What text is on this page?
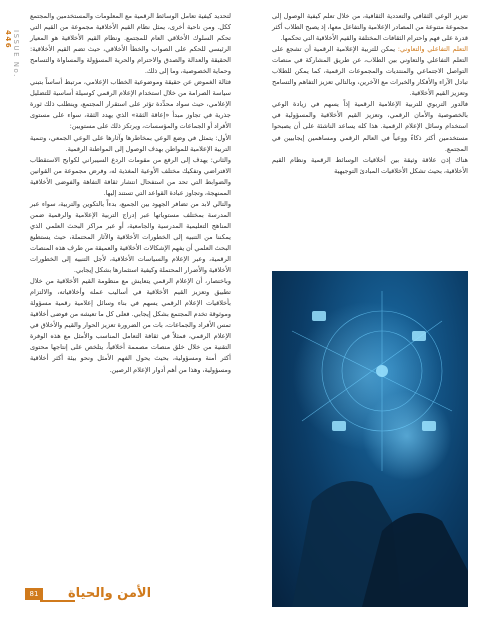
ISSUE No. 446

تعزيز الوعي الثقافي والتعددية الثقافية، من خلال تعلم كيفية الوصول إلى مجموعة متنوعة من المصادر الإعلامية والتفاعل معها، إذ يصبح الطلاب أكثر قدرة على فهم واحترام الثقافات المختلفة والقيم الأخلاقية التي تحكمها.

التعلم التفاعلي والتعاوني: يمكن للتربية الإعلامية الرقمية أن تشجع على التعلم التفاعلي والتعاوني بين الطلاب، عن طريق المشاركة في منصات التواصل الاجتماعي والمنتديات والمجموعات الرقمية، كما يمكن للطلاب تبادل الآراء والأفكار والخبرات مع الآخرين، وبالتالي تعزيز التفاهم والتسامح وتعزيز القيم الأخلاقية.

فالدور التربوي للتربية الإعلامية الرقمية إذاً يسهم في زيادة الوعي بالخصوصية والأمان الرقمي، وتعزيز القيم الأخلاقية والمسؤولية في استخدام وسائل الإعلام الرقمية. هذا كله يساعد الناشئة على أن يصبحوا مستخدمين أكثر ذكاءً ووعياً في العالم الرقمي ومساهمين إيجابيين في المجتمع.

هناك إذن علاقة وثيقة بين أخلاقيات الوسائط الرقمية ونظام القيم الأخلاقية، بحيث تشكل الأخلاقيات المبادئ التوجيهية

لتحديد كيفية تعامل الوسائط الرقمية مع المعلومات والمستخدمين والمجتمع ككل. ومن ناحية أخرى، يمثل نظام القيم الأخلاقية مجموعة من القيم التي تحكم السلوك الأخلاقي العام للمجتمع. ونظام القيم الأخلاقية هو المعيار الرئيسي للحكم على الصواب والخطأ الأخلاقي، حيث تضم القيم الأخلاقية: الحقيقة والعدالة والصدق والاحترام والحرية المسؤولة والمساواة والتسامح وحماية الخصوصية، وما إلى ذلك.

فثالة الغموض عن حقيقة وموضوعية الخطاب الإعلامي، مرتبط أساساً بتبني سياسة الصرامة من خلال استخدام الإعلام الرقمي كوسيلة أساسية للتضليل الإعلامي، حيث سواد محدِّدة تؤثر على استقرار المجتمع، وينطلب ذلك ثورة جذرية في تجاوز مبدأ «إعاقة الثقة» الذي يهدد الثقة، سواء على مستوى الأفراد أو الجماعات والمؤسسات، ويرتكز ذلك على مستويين:

الأول: يتمثل في وضع الوعي بمخاطرها وآثارها على الوعي الجمعي، وتنمية التربية الإعلامية للمواطن بهدف الوصول إلى المواطنة الرقمية.

والثاني: يهدف إلى الرفع من مقومات الردع السيبراني لكوابح الاستقطاب الافتراضي وتفكيك مختلف الأوعية المغذية له، وفرض مجموعة من القوانين والضوابط التي تحد من استفحال انتشار ثقافة التفاهة والفوضى الأخلاقية الممنهجة، وتجاوز عبادة القواعد التي تستند إليها.

والتالي لابد من تضافر الجهود بين الجميع، بدءاً بالتكوين والتربية، سواء عبر المدرسة بمختلف مستوياتها عبر إدراج التربية الإعلامية والرقمية ضمن المناهج التعليمية المدرسية والجامعية، أو عبر مراكز البحث العلمي الذي يمكننا من التنبيه إلى الخطورات الأخلاقية والآثار المحتملة، حيث يستطيع البحث العلمي أن يفهم الإشكالات الأخلاقية والعميقة من طرف هذه المنصات الرقمية، وعبر الإعلام والسياسات الأخلاقية، لأجل التنبيه إلى الخطورات الأخلاقية والأضرار المحتملة وكيفية استثمارها بشكل إيجابي.

وباختصار، أن الإعلام الرقمي يتعايش مع منظومة القيم الأخلاقية من خلال تطبيق وتعزيز القيم الأخلاقية في أساليب عمله وأخلاقياته، والالتزام بأخلاقيات الإعلام الرقمي يسهم في بناء وسائل إعلامية رقمية مسؤولة وموثوقة تخدم المجتمع بشكل إيجابي. فعلى كل ما تعيشه من فوضى أخلاقية تمس الأفراد والجماعات، بات من الضرورة تعزيز الحوار والقيم والأخلاق في الإعلام الرقمي، فمثلاً في ثقافة التعامل المناسب والأمثل مع هذه الوفرة التقنية من خلال خلق منصات مصممة أخلاقياً، يتلخص على إنتاجها محتوى أكثر أمنة ومسؤولية، بحيث يحول الفهم الأمثل ونحو بيئة أكثر أخلاقية ومسؤولية، وهذا من أهم أدوار الإعلام الرصين.

81	الأمن والحياة
